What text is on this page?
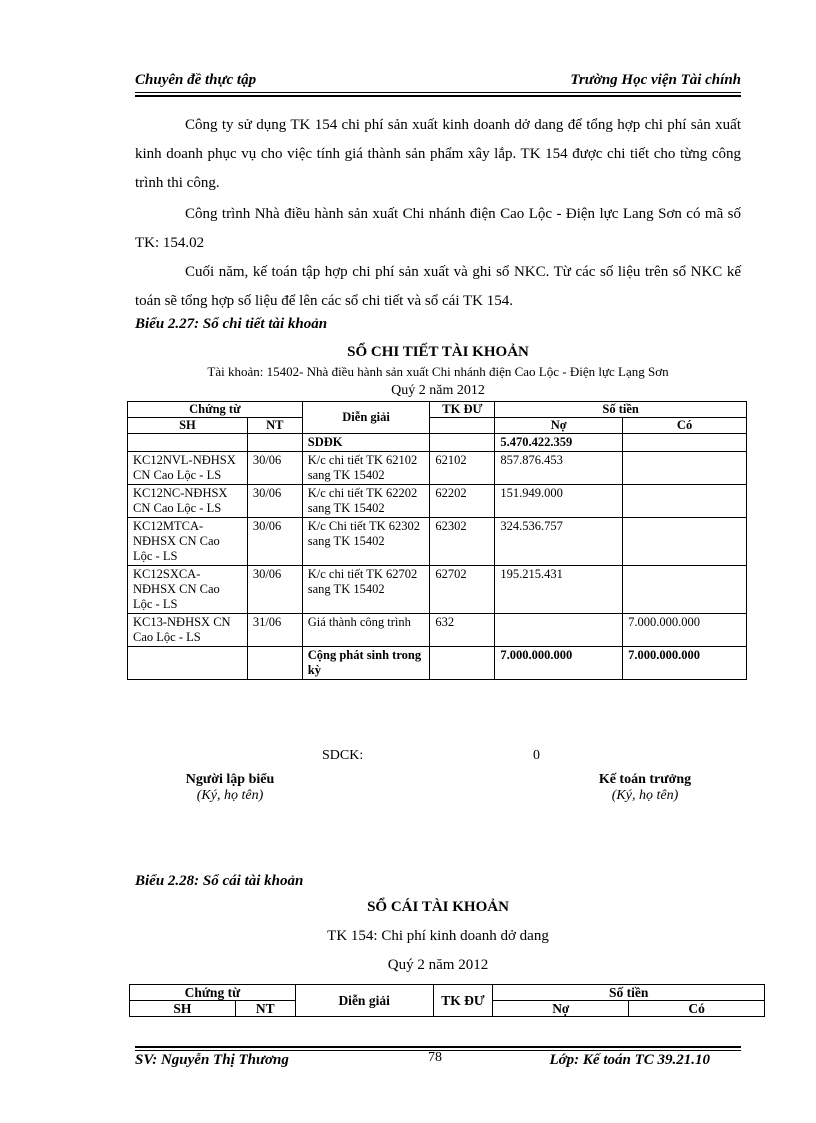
Chuyên đề thực tập	Trường Học viện Tài chính
Công ty sử dụng TK 154 chi phí sản xuất kinh doanh dở dang để tổng hợp chi phí sản xuất kinh doanh phục vụ cho việc tính giá thành sản phẩm xây lắp. TK 154 được chi tiết cho từng công trình thi công.
Công trình Nhà điều hành sản xuất Chi nhánh điện Cao Lộc - Điện lực Lang Sơn có mã số TK: 154.02
Cuối năm, kế toán tập hợp chi phí sản xuất và ghi sổ NKC. Từ các số liệu trên sổ NKC kế toán sẽ tổng hợp số liệu để lên các sổ chi tiết và sổ cái TK 154.
Biểu 2.27: Sổ chi tiết tài khoản
SỔ CHI TIẾT TÀI KHOẢN
Tài khoản: 15402- Nhà điều hành sản xuất Chi nhánh điện Cao Lộc - Điện lực Lạng Sơn
Quý 2 năm 2012
Chứng từ		Diễn giải	TK ĐƯ	Số tiền	
SH	NT			Nợ	Có
		SDĐK		5.470.422.359	
KC12NVL-NĐHSX CN Cao Lộc - LS	30/06	K/c chi tiết TK 62102 sang TK 15402	62102	857.876.453	
KC12NC-NĐHSX CN Cao Lộc - LS	30/06	K/c chi tiết TK 62202 sang TK 15402	62202	151.949.000	
KC12MTCA-NĐHSX CN Cao Lộc - LS	30/06	K/c Chi tiết TK 62302 sang TK 15402	62302	324.536.757	
KC12SXCA-NĐHSX CN Cao Lộc - LS	30/06	K/c chi tiết TK 62702 sang TK 15402	62702	195.215.431	
KC13-NĐHSX CN Cao Lộc - LS	31/06	Giá thành công trình	632		7.000.000.000
		Cộng phát sinh trong kỳ		7.000.000.000	7.000.000.000
SDCK:	0
Người lập biểu
(Ký, họ tên)
Kế toán trưởng
(Ký, họ tên)
Biểu 2.28: Sổ cái tài khoản
SỔ CÁI TÀI KHOẢN
TK 154: Chi phí kinh doanh dở dang
Quý 2 năm 2012
Chứng từ		Diễn giải	TK ĐƯ	Số tiền	
SH	NT			Nợ	Có
SV: Nguyễn Thị Thương	78	Lớp: Kế toán TC 39.21.10
